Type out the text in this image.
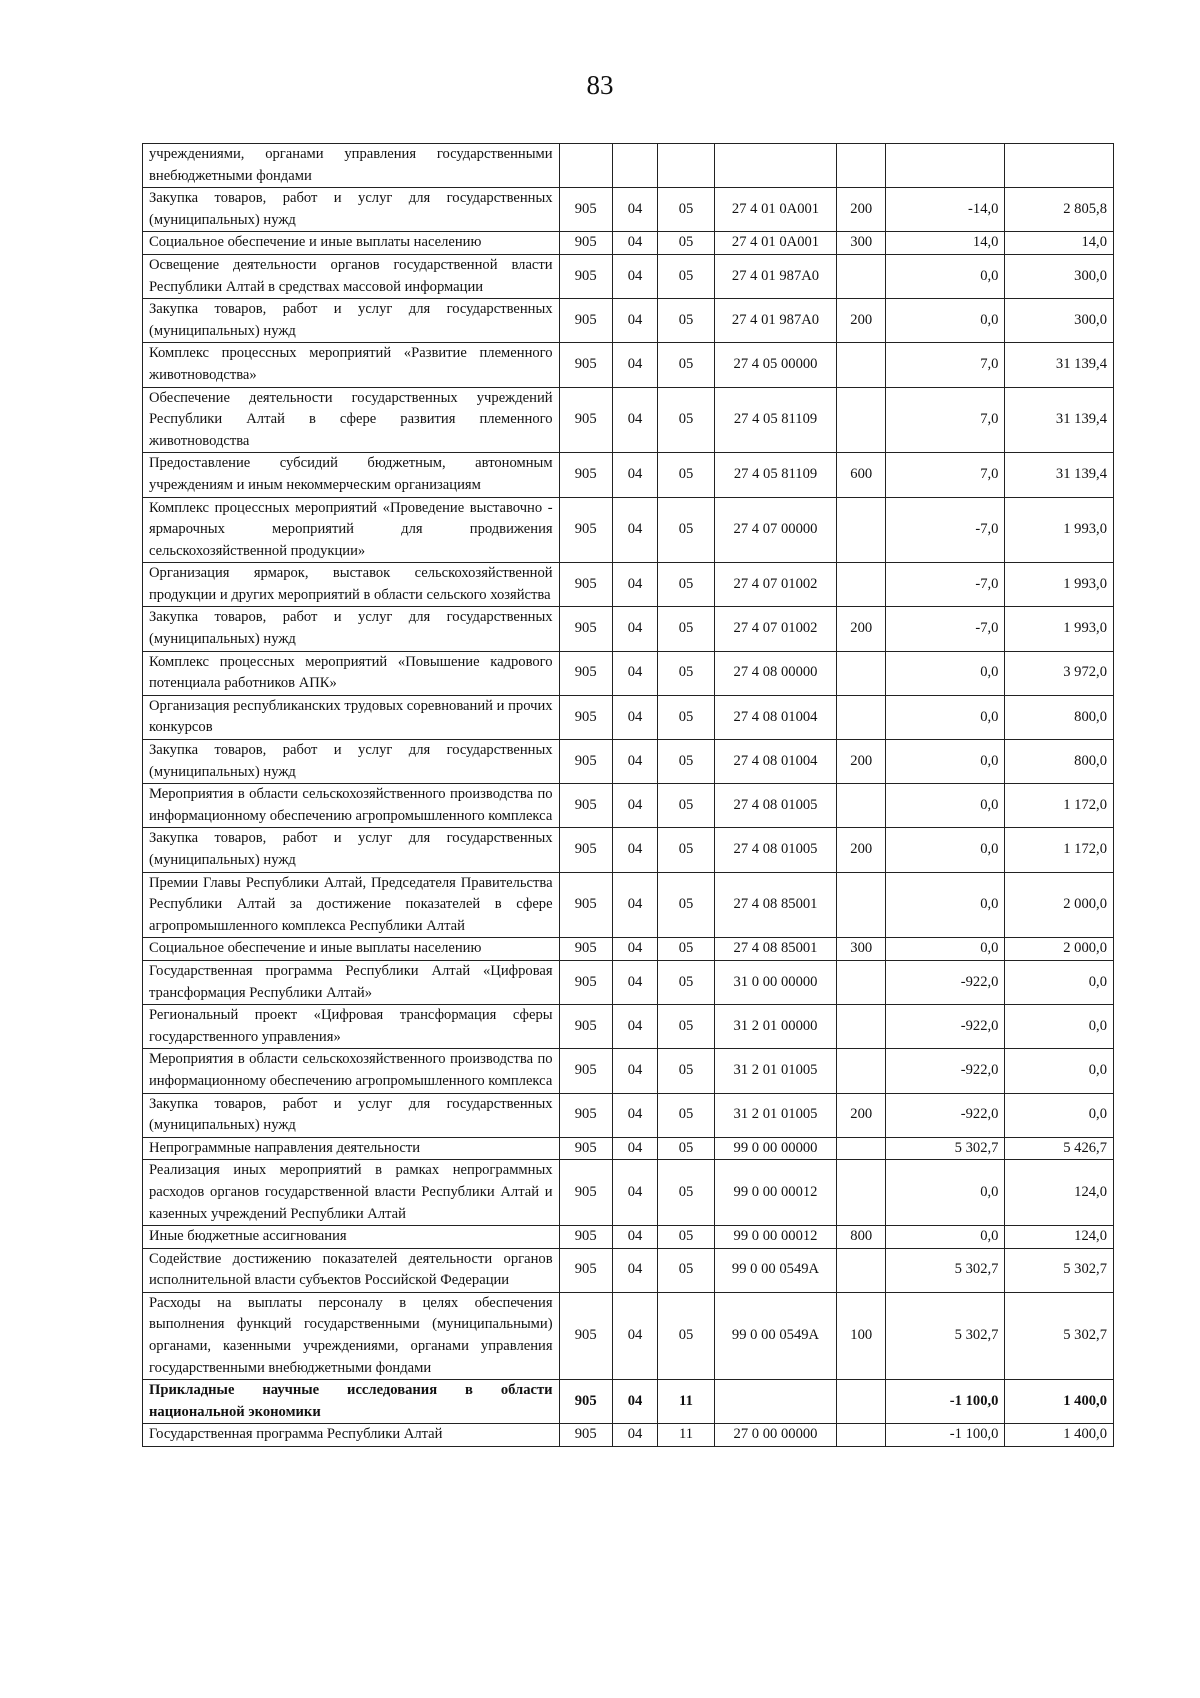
83
учреждениями, органами управления государственными внебюджетными фондами							
Закупка товаров, работ и услуг для государственных (муниципальных) нужд	905	04	05	27 4 01 0А001	200	-14,0	2 805,8
Социальное обеспечение и иные выплаты населению	905	04	05	27 4 01 0А001	300	14,0	14,0
Освещение деятельности органов государственной власти Республики Алтай в средствах массовой информации	905	04	05	27 4 01 987А0		0,0	300,0
Закупка товаров, работ и услуг для государственных (муниципальных) нужд	905	04	05	27 4 01 987А0	200	0,0	300,0
Комплекс процессных мероприятий «Развитие племенного животноводства»	905	04	05	27 4 05 00000		7,0	31 139,4
Обеспечение деятельности государственных учреждений Республики Алтай в сфере развития племенного животноводства	905	04	05	27 4 05 81109		7,0	31 139,4
Предоставление субсидий бюджетным, автономным учреждениям и иным некоммерческим организациям	905	04	05	27 4 05 81109	600	7,0	31 139,4
Комплекс процессных мероприятий «Проведение выставочно - ярмарочных мероприятий для продвижения сельскохозяйственной продукции»	905	04	05	27 4 07 00000		-7,0	1 993,0
Организация ярмарок, выставок сельскохозяйственной продукции и других мероприятий в области сельского хозяйства	905	04	05	27 4 07 01002		-7,0	1 993,0
Закупка товаров, работ и услуг для государственных (муниципальных) нужд	905	04	05	27 4 07 01002	200	-7,0	1 993,0
Комплекс процессных мероприятий «Повышение кадрового потенциала работников АПК»	905	04	05	27 4 08 00000		0,0	3 972,0
Организация республиканских трудовых соревнований и прочих конкурсов	905	04	05	27 4 08 01004		0,0	800,0
Закупка товаров, работ и услуг для государственных (муниципальных) нужд	905	04	05	27 4 08 01004	200	0,0	800,0
Мероприятия в области сельскохозяйственного производства по информационному обеспечению агропромышленного комплекса	905	04	05	27 4 08 01005		0,0	1 172,0
Закупка товаров, работ и услуг для государственных (муниципальных) нужд	905	04	05	27 4 08 01005	200	0,0	1 172,0
Премии Главы Республики Алтай, Председателя Правительства Республики Алтай за достижение показателей в сфере агропромышленного комплекса Республики Алтай	905	04	05	27 4 08 85001		0,0	2 000,0
Социальное обеспечение и иные выплаты населению	905	04	05	27 4 08 85001	300	0,0	2 000,0
Государственная программа Республики Алтай «Цифровая трансформация Республики Алтай»	905	04	05	31 0 00 00000		-922,0	0,0
Региональный проект «Цифровая трансформация сферы государственного управления»	905	04	05	31 2 01 00000		-922,0	0,0
Мероприятия в области сельскохозяйственного производства по информационному обеспечению агропромышленного комплекса	905	04	05	31 2 01 01005		-922,0	0,0
Закупка товаров, работ и услуг для государственных (муниципальных) нужд	905	04	05	31 2 01 01005	200	-922,0	0,0
Непрограммные направления деятельности	905	04	05	99 0 00 00000		5 302,7	5 426,7
Реализация иных мероприятий в рамках непрограммных расходов органов государственной власти Республики Алтай и казенных учреждений Республики Алтай	905	04	05	99 0 00 00012		0,0	124,0
Иные бюджетные ассигнования	905	04	05	99 0 00 00012	800	0,0	124,0
Содействие достижению показателей деятельности органов исполнительной власти субъектов Российской Федерации	905	04	05	99 0 00 0549А		5 302,7	5 302,7
Расходы на выплаты персоналу в целях обеспечения выполнения функций государственными (муниципальными) органами, казенными учреждениями, органами управления государственными внебюджетными фондами	905	04	05	99 0 00 0549А	100	5 302,7	5 302,7
Прикладные научные исследования в области национальной экономики	905	04	11			-1 100,0	1 400,0
Государственная программа Республики Алтай	905	04	11	27 0 00 00000		-1 100,0	1 400,0
